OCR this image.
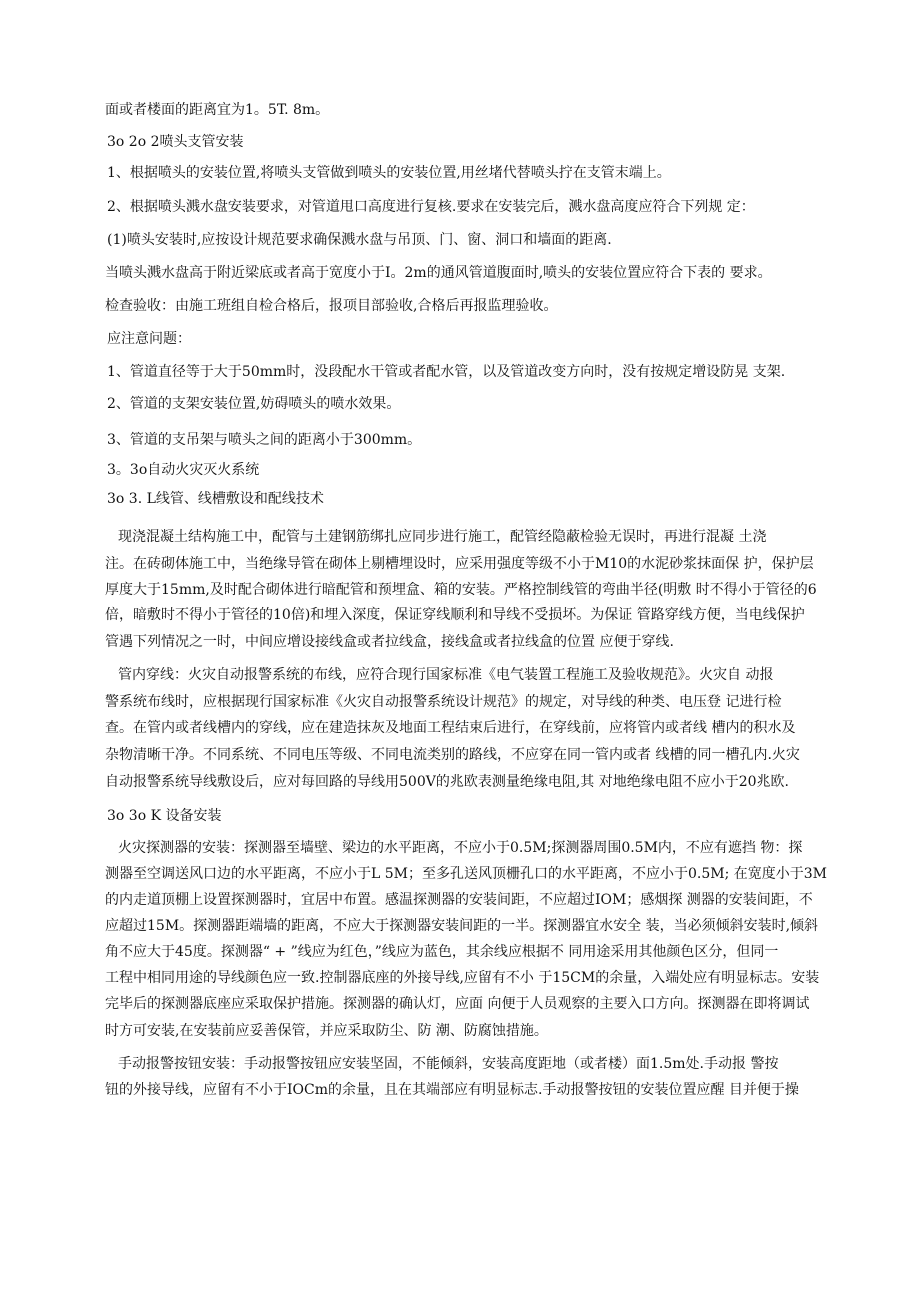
面或者楼面的距离宜为1。5T. 8m。
3o 2o 2喷头支管安装
1、根据喷头的安装位置,将喷头支管做到喷头的安装位置,用丝堵代替喷头拧在支管末端上。
2、根据喷头溅水盘安装要求，对管道甩口高度进行复核.要求在安装完后，溅水盘高度应符合下列规 定：
(1)喷头安装时,应按设计规范要求确保溅水盘与吊顶、门、窗、洞口和墙面的距离.
当喷头溅水盘高于附近梁底或者高于宽度小于I。2m的通风管道腹面时,喷头的安装位置应符合下表的 要求。
检查验收：由施工班组自检合格后，报项目部验收,合格后再报监理验收。
应注意问题：
1、管道直径等于大于50mm时，没段配水干管或者配水管，以及管道改变方向时，没有按规定增设防晃 支架.
2、管道的支架安装位置,妨碍喷头的喷水效果。
3、管道的支吊架与喷头之间的距离小于300mm。
3。3o自动火灾灭火系统
3o 3. L线管、线槽敷设和配线技术
现浇混凝土结构施工中，配管与土建钢筋绑扎应同步进行施工，配管经隐蔽检验无误时，再进行混凝 土浇
注。在砖砌体施工中，当绝缘导管在砌体上剔槽埋设时，应采用强度等级不小于M10的水泥砂浆抹面保 护，保护层
厚度大于15mm,及时配合砌体进行暗配管和预埋盒、箱的安装。严格控制线管的弯曲半径(明敷 时不得小于管径的6
倍，暗敷时不得小于管径的10倍)和埋入深度，保证穿线顺利和导线不受损坏。为保证 管路穿线方便，当电线保护
管遇下列情况之一时，中间应增设接线盒或者拉线盒，接线盒或者拉线盒的位置 应便于穿线.
管内穿线：火灾自动报警系统的布线，应符合现行国家标准《电气装置工程施工及验收规范》。火灾自 动报
警系统布线时，应根据现行国家标准《火灾自动报警系统设计规范》的规定，对导线的种类、电压登 记进行检
查。在管内或者线槽内的穿线，应在建造抹灰及地面工程结束后进行，在穿线前，应将管内或者线 槽内的积水及
杂物清晰干净。不同系统、不同电压等级、不同电流类别的路线，不应穿在同一管内或者 线槽的同一槽孔内.火灾
自动报警系统导线敷设后，应对每回路的导线用500V的兆欧表测量绝缘电阻,其 对地绝缘电阻不应小于20兆欧.
3o 3o K 设备安装
火灾探测器的安装：探测器至墙壁、梁边的水平距离，不应小于0.5M;探测器周围0.5M内，不应有遮挡 物：探
测器至空调送风口边的水平距离，不应小于L 5M；至多孔送风顶栅孔口的水平距离，不应小于0.5M; 在宽度小于3M
的内走道顶棚上设置探测器时，宜居中布置。感温探测器的安装间距，不应超过IOM；感烟探 测器的安装间距，不
应超过15M。探测器距端墙的距离，不应大于探测器安装间距的一半。探测器宜水安全 装，当必须倾斜安装时,倾斜
角不应大于45度。探测器“ + ”线应为红色，”线应为蓝色，其余线应根据不 同用途采用其他颜色区分，但同一
工程中相同用途的导线颜色应一致.控制器底座的外接导线,应留有不小 于15CM的余量，入端处应有明显标志。安装
完毕后的探测器底座应采取保护措施。探测器的确认灯，应面 向便于人员观察的主要入口方向。探测器在即将调试
时方可安装,在安装前应妥善保管，并应采取防尘、防 潮、防腐蚀措施。
手动报警按钮安装：手动报警按钮应安装坚固，不能倾斜，安装高度距地（或者楼）面1.5m处.手动报 警按
钮的外接导线，应留有不小于IOCm的余量，且在其端部应有明显标志.手动报警按钮的安装位置应醒 目并便于操
